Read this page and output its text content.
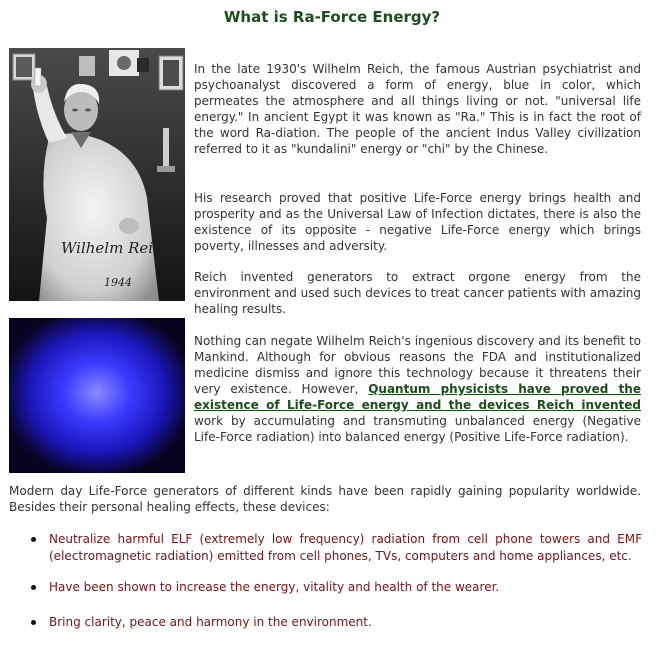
What is Ra-Force Energy?
Wilhelm Reich
1944

In the late 1930's Wilhelm Reich, the famous Austrian psychiatrist and psychoanalyst discovered a form of energy, blue in color, which permeates the atmosphere and all things living or not. "universal life energy." In ancient Egypt it was known as "Ra." This is in fact the root of the word Ra-diation. The people of the ancient Indus Valley civilization referred to it as "kundalini" energy or "chi" by the Chinese.

His research proved that positive Life-Force energy brings health and prosperity and as the Universal Law of Infection dictates, there is also the existence of its opposite - negative Life-Force energy which brings poverty, illnesses and adversity.

Reich invented generators to extract orgone energy from the environment and used such devices to treat cancer patients with amazing healing results.

Nothing can negate Wilhelm Reich's ingenious discovery and its benefit to Mankind. Although for obvious reasons the FDA and institutionalized medicine dismiss and ignore this technology because it threatens their very existence. However, Quantum physicists have proved the existence of Life-Force energy and the devices Reich invented work by accumulating and transmuting unbalanced energy (Negative Life-Force radiation) into balanced energy (Positive Life-Force radiation).

Modern day Life-Force generators of different kinds have been rapidly gaining popularity worldwide. Besides their personal healing effects, these devices:

Neutralize harmful ELF (extremely low frequency) radiation from cell phone towers and EMF (electromagnetic radiation) emitted from cell phones, TVs, computers and home appliances, etc.
Have been shown to increase the energy, vitality and health of the wearer.
Bring clarity, peace and harmony in the environment.
